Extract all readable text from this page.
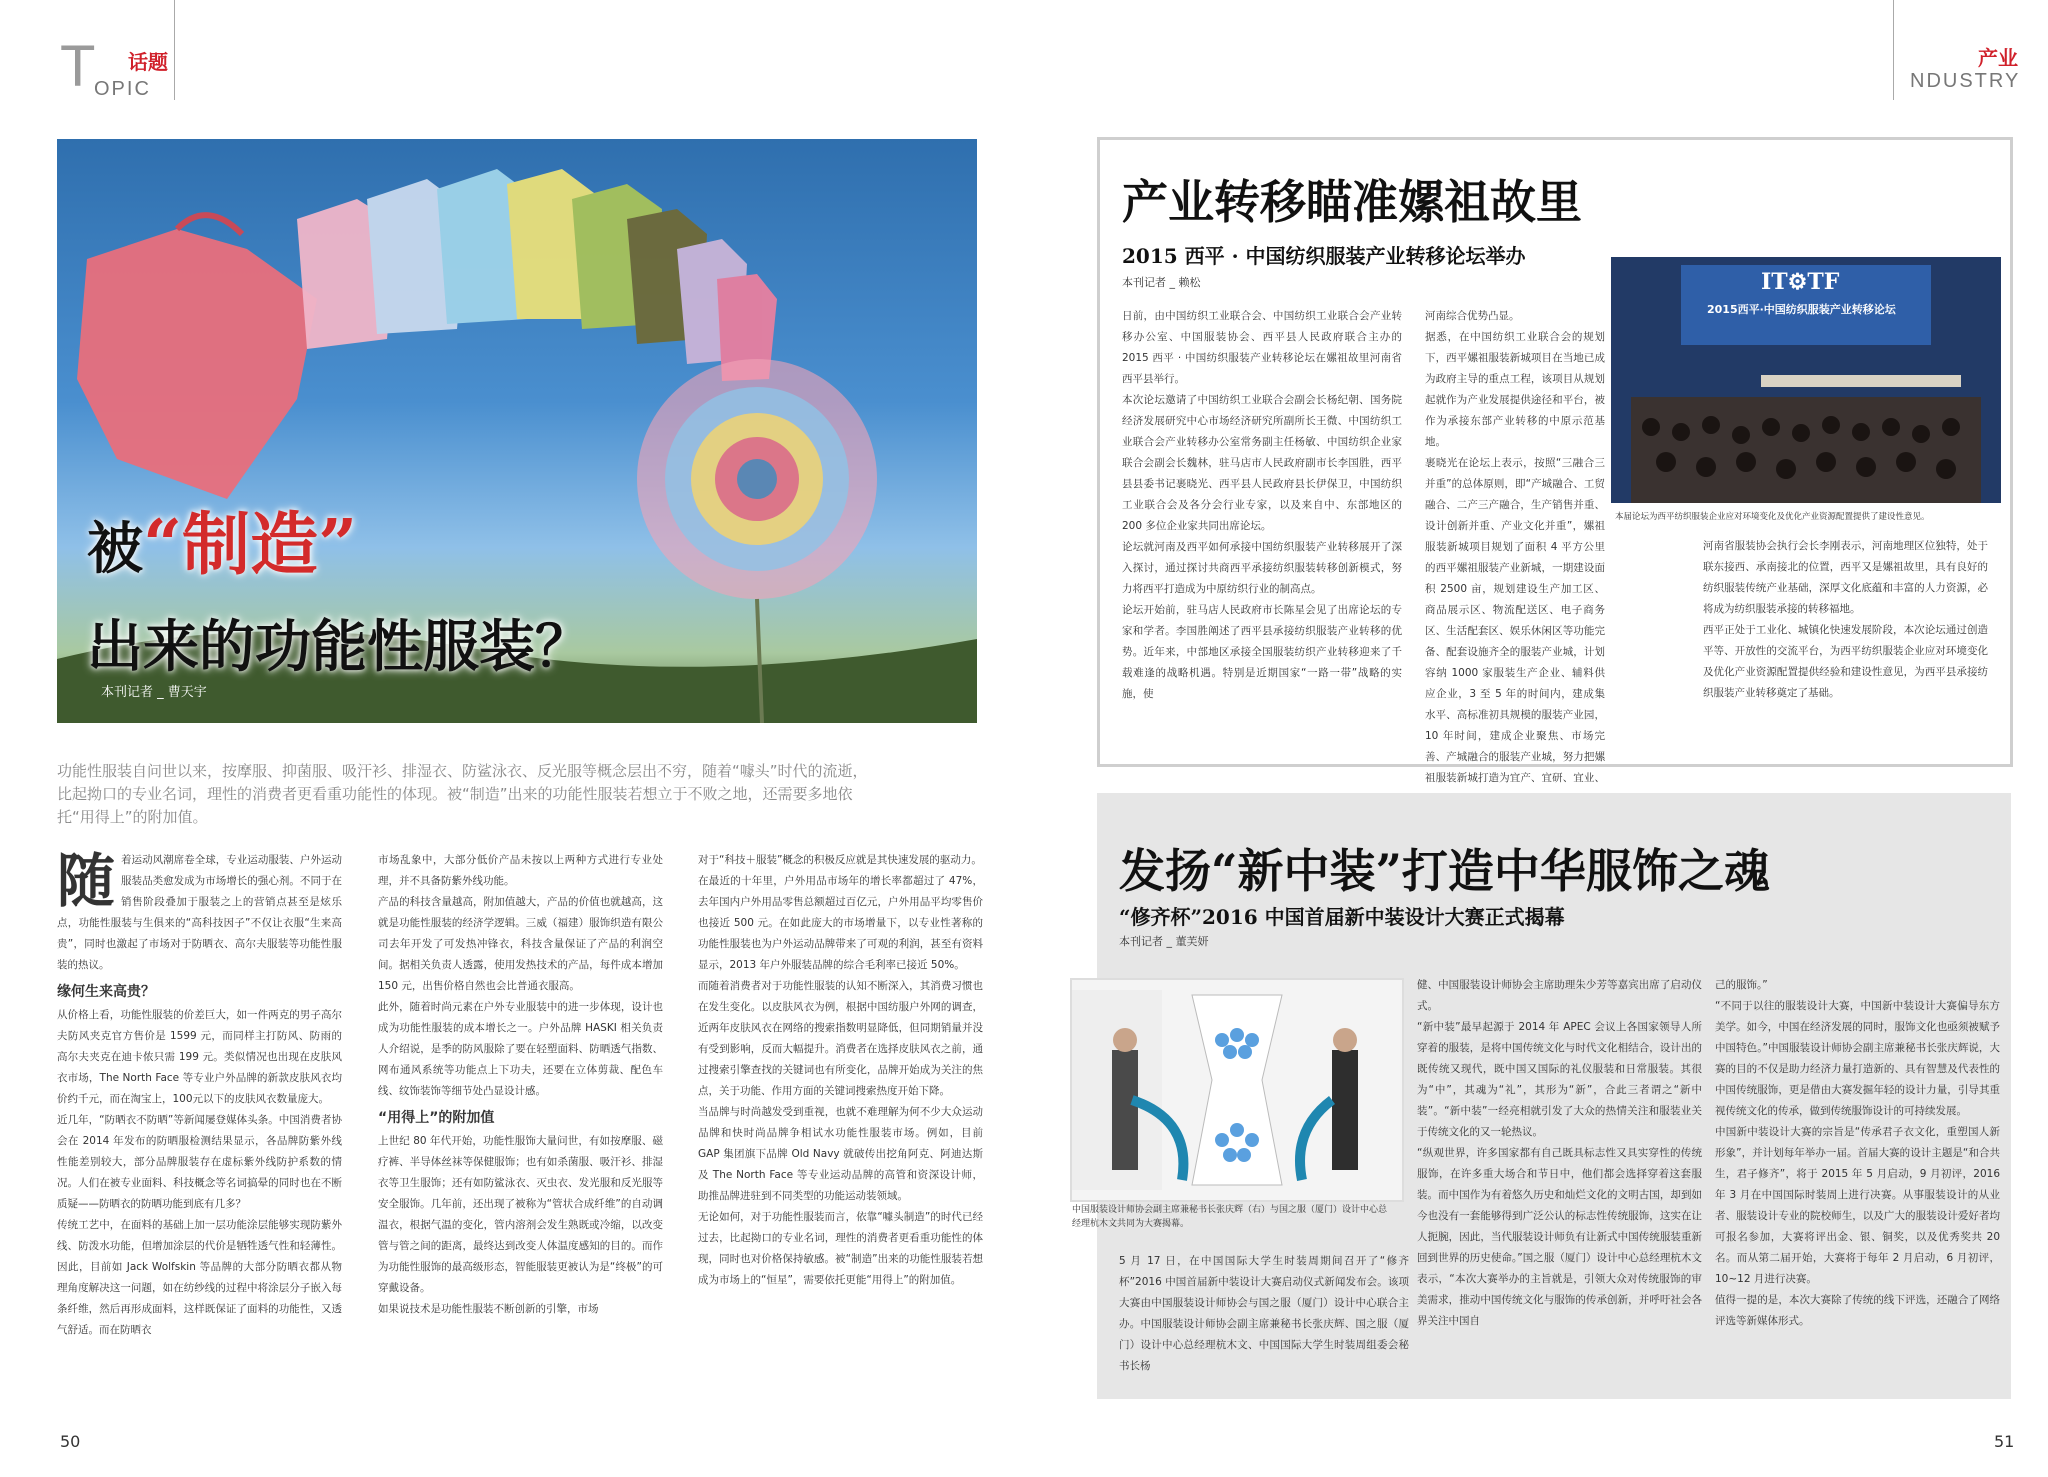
T
OPIC
话题	产业
NDUSTRY
被“制造”
出来的功能性服装？
本刊记者 _ 曹天宇
功能性服装自问世以来，按摩服、抑菌服、吸汗衫、排湿衣、防鲨泳衣、反光服等概念层出不穷，随着“噱头”时代的流逝，比起拗口的专业名词，理性的消费者更看重功能性的体现。被“制造”出来的功能性服装若想立于不败之地，还需要多地依托“用得上”的附加值。
随 着运动风潮席卷全球，专业运动服装、户外运动服装品类愈发成为市场增长的强心剂。不同于在销售阶段叠加于服装之上的营销点甚至是炫乐点，功能性服装与生俱来的“高科技因子”不仅让衣服“生来高贵”，同时也激起了市场对于防晒衣、高尔夫服装等功能性服装的热议。
缘何生来高贵？
从价格上看，功能性服装的价差巨大，如一件两克的男子高尔夫防风夹克官方售价是 1599 元，而同样主打防风、防雨的高尔夫夹克在迪卡侬只需 199 元。类似情况也出现在皮肤风衣市场，The North Face 等专业户外品牌的新款皮肤风衣均价约千元，而在淘宝上，100元以下的皮肤风衣数量庞大。
近几年，“防晒衣不防晒”等新闻屡登媒体头条。中国消费者协会在 2014 年发布的防晒服检测结果显示，各品牌防紫外线性能差别较大，部分品牌服装存在虚标紫外线防护系数的情况。人们在被专业面料、科技概念等名词搞晕的同时也在不断质疑——防晒衣的防晒功能到底有几多？
传统工艺中，在面料的基础上加一层功能涂层能够实现防紫外线、防泼水功能，但增加涂层的代价是牺牲透气性和轻薄性。因此，目前如 Jack Wolfskin 等品牌的大部分防晒衣都从物理角度解决这一问题，如在纺纱线的过程中将涂层分子嵌入每条纤维，然后再形成面料，这样既保证了面料的功能性，又透气舒适。而在防晒衣
市场乱象中，大部分低价产品未按以上两种方式进行专业处理，并不具备防紫外线功能。
产品的科技含量越高，附加值越大，产品的价值也就越高，这就是功能性服装的经济学逻辑。三威（福建）服饰织造有限公司去年开发了可发热冲锋衣，科技含量保证了产品的利润空间。据相关负责人透露，使用发热技术的产品，每件成本增加 150 元，出售价格自然也会比普通衣服高。
此外，随着时尚元素在户外专业服装中的进一步体现，设计也成为功能性服装的成本增长之一。户外品牌 HASKI 相关负责人介绍说，是季的防风服除了要在轻塑面料、防晒透气指数、网布通风系统等功能点上下功夫，还要在立体剪裁、配色车线、纹饰装饰等细节处凸显设计感。
“用得上”的附加值
上世纪 80 年代开始，功能性服饰大量问世，有如按摩服、磁疗裤、半导体丝袜等保健服饰；也有如杀菌服、吸汗衫、排湿衣等卫生服饰；还有如防鲨泳衣、灭虫衣、发光服和反光服等安全服饰。几年前，还出现了被称为“管状合成纤维”的自动调温衣，根据气温的变化，管内溶剂会发生熟既或冷缩，以改变管与管之间的距离，最终达到改变人体温度感知的目的。而作为功能性服饰的最高级形态，智能服装更被认为是“终极”的可穿戴设备。
如果说技术是功能性服装不断创新的引擎，市场
对于“科技＋服装”概念的积极反应就是其快速发展的驱动力。
在最近的十年里，户外用品市场年的增长率都超过了 47%，去年国内户外用品零售总额超过百亿元，户外用品平均零售价也接近 500 元。在如此庞大的市场增量下，以专业性著称的功能性服装也为户外运动品牌带来了可观的利润，甚至有资料显示，2013 年户外服装品牌的综合毛利率已接近 50%。
而随着消费者对于功能性服装的认知不断深入，其消费习惯也在发生变化。以皮肤风衣为例，根据中国纺服户外网的调查，近两年皮肤风衣在网络的搜索指数明显降低，但同期销量并没有受到影响，反而大幅提升。消费者在选择皮肤风衣之前，通过搜索引擎查找的关键词也有所变化，品牌开始成为关注的焦点，关于功能、作用方面的关键词搜索热度开始下降。
当品牌与时尚越发受到重视，也就不难理解为何不少大众运动品牌和快时尚品牌争相试水功能性服装市场。例如，目前 GAP 集团旗下品牌 Old Navy 就破传出挖角阿克、阿迪达斯及 The North Face 等专业运动品牌的高管和资深设计师，助推品牌进驻到不同类型的功能运动装领域。
无论如何，对于功能性服装而言，依靠“噱头制造”的时代已经过去，比起拗口的专业名词，理性的消费者更看重功能性的体现，同时也对价格保持敏感。被“制造”出来的功能性服装若想成为市场上的“恒星”，需要依托更能“用得上”的附加值。
50
产业转移瞄准嫘祖故里
2015 西平 · 中国纺织服装产业转移论坛举办
本刊记者 _ 赖松	IT⚙TF
2015西平·中国纺织服装产业转移论坛
本届论坛为西平纺织服装企业应对环境变化及优化产业资源配置提供了建设性意见。
日前，由中国纺织工业联合会、中国纺织工业联合会产业转移办公室、中国服装协会、西平县人民政府联合主办的 2015 西平 · 中国纺织服装产业转移论坛在嫘祖故里河南省西平县举行。
本次论坛邀请了中国纺织工业联合会副会长杨纪朝、国务院经济发展研究中心市场经济研究所副所长王微、中国纺织工业联合会产业转移办公室常务副主任杨敏、中国纺织企业家联合会副会长魏林，驻马店市人民政府副市长李国胜，西平县县委书记裹晓光、西平县人民政府县长伊保卫，中国纺织工业联合会及各分会行业专家，以及来自中、东部地区的 200 多位企业家共同出席论坛。
论坛就河南及西平如何承接中国纺织服装产业转移展开了深入探讨，通过探讨共商西平承接纺织服装转移创新模式，努力将西平打造成为中原纺织行业的制高点。
论坛开始前，驻马店人民政府市长陈星会见了出席论坛的专家和学者。李国胜阐述了西平县承接纺织服装产业转移的优势。近年来，中部地区承接全国服装纺织产业转移迎来了千载难逢的战略机遇。特别是近期国家“一路一带”战略的实施，使
河南综合优势凸显。
据悉，在中国纺织工业联合会的规划下，西平嫘祖服装新城项目在当地已成为政府主导的重点工程，该项目从规划起就作为产业发展提供途径和平台，被作为承接东部产业转移的中原示范基地。
裹晓光在论坛上表示，按照“三融合三并重”的总体原则，即“产城融合、工贸融合、二产三产融合，生产销售并重、设计创新并重、产业文化并重”，嫘祖服装新城项目规划了面积 4 平方公里的西平嫘祖服装产业新城，一期建设面积 2500 亩，规划建设生产加工区、商品展示区、物流配送区、电子商务区、生活配套区、娱乐休闲区等功能完备、配套设施齐全的服装产业城，计划容纳 1000 家服装生产企业、辅料供应企业，3 至 5 年的时间内，建成集水平、高标准初具规模的服装产业园，10 年时间，建成企业聚焦、市场完善、产城融合的服装产业城，努力把嫘祖服装新城打造为宜产、宜研、宜业、
河南省服装协会执行会长李刚表示，河南地理区位独特，处于联东接西、承南接北的位置，西平又是嫘祖故里，具有良好的纺织服装传统产业基础，深厚文化底蕴和丰富的人力资源，必将成为纺织服装承接的转移福地。
西平正处于工业化、城镇化快速发展阶段，本次论坛通过创造平等、开放性的交流平台，为西平纺织服装企业应对环境变化及优化产业资源配置提供经验和建设性意见，为西平县承接纺织服装产业转移奠定了基础。
发扬“新中装”打造中华服饰之魂
“修齐杯”2016 中国首届新中装设计大赛正式揭幕
本刊记者 _ 董芙妍
中国服装设计师协会副主席兼秘书长张庆辉（右）与国之服（厦门）设计中心总经理杭木文共同为大赛揭幕。
5 月 17 日，在中国国际大学生时装周期间召开了“修齐杯”2016 中国首届新中装设计大赛启动仪式新闻发布会。该项大赛由中国服装设计师协会与国之服（厦门）设计中心联合主办。中国服装设计师协会副主席兼秘书长张庆辉、国之服（厦门）设计中心总经理杭木文、中国国际大学生时装周组委会秘书长杨
健、中国服装设计师协会主席助理朱少芳等嘉宾出席了启动仪式。
“新中装”最早起源于 2014 年 APEC 会议上各国家领导人所穿着的服装，是将中国传统文化与时代文化相结合，设计出的既传统又现代，既中国又国际的礼仪服装和日常服装。其很为“中”，其魂为“礼”，其形为“新”，合此三者谓之“新中装”。“新中装”一经亮相就引发了大众的热情关注和服装业关于传统文化的又一轮热议。
“纵观世界，许多国家都有自己既具标志性又具实穿性的传统服饰，在许多重大场合和节日中，他们都会选择穿着这套服装。而中国作为有着悠久历史和灿烂文化的文明古国，却到如今也没有一套能够得到广泛公认的标志性传统服饰，这实在让人扼腕，因此，当代服装设计师负有让新式中国传统服装重新回到世界的历史使命。”国之服（厦门）设计中心总经理杭木文表示，“本次大赛举办的主旨就是，引领大众对传统服饰的审美需求，推动中国传统文化与服饰的传承创新，并呼吁社会各界关注中国自
己的服饰。”
“不同于以往的服装设计大赛，中国新中装设计大赛偏导东方美学。如今，中国在经济发展的同时，服饰文化也亟须被赋予中国特色。”中国服装设计师协会副主席兼秘书长张庆辉说，大赛的目的不仅是助力经济力量打造新的、具有智慧及代表性的中国传统服饰，更是借由大赛发掘年轻的设计力量，引导其重视传统文化的传承，做到传统服饰设计的可持续发展。
中国新中装设计大赛的宗旨是“传承君子衣文化，重塑国人新形象”，并计划每年举办一届。首届大赛的设计主题是“和合共生，君子修齐”，将于 2015 年 5 月启动，9 月初评，2016 年 3 月在中国国际时装周上进行决赛。从事服装设计的从业者、服装设计专业的院校师生，以及广大的服装设计爱好者均可报名参加，大赛将评出金、银、铜奖，以及优秀奖共 20 名。而从第二届开始，大赛将于每年 2 月启动，6 月初评，10~12 月进行决赛。
值得一提的是，本次大赛除了传统的线下评选，还融合了网络评选等新媒体形式。
51
